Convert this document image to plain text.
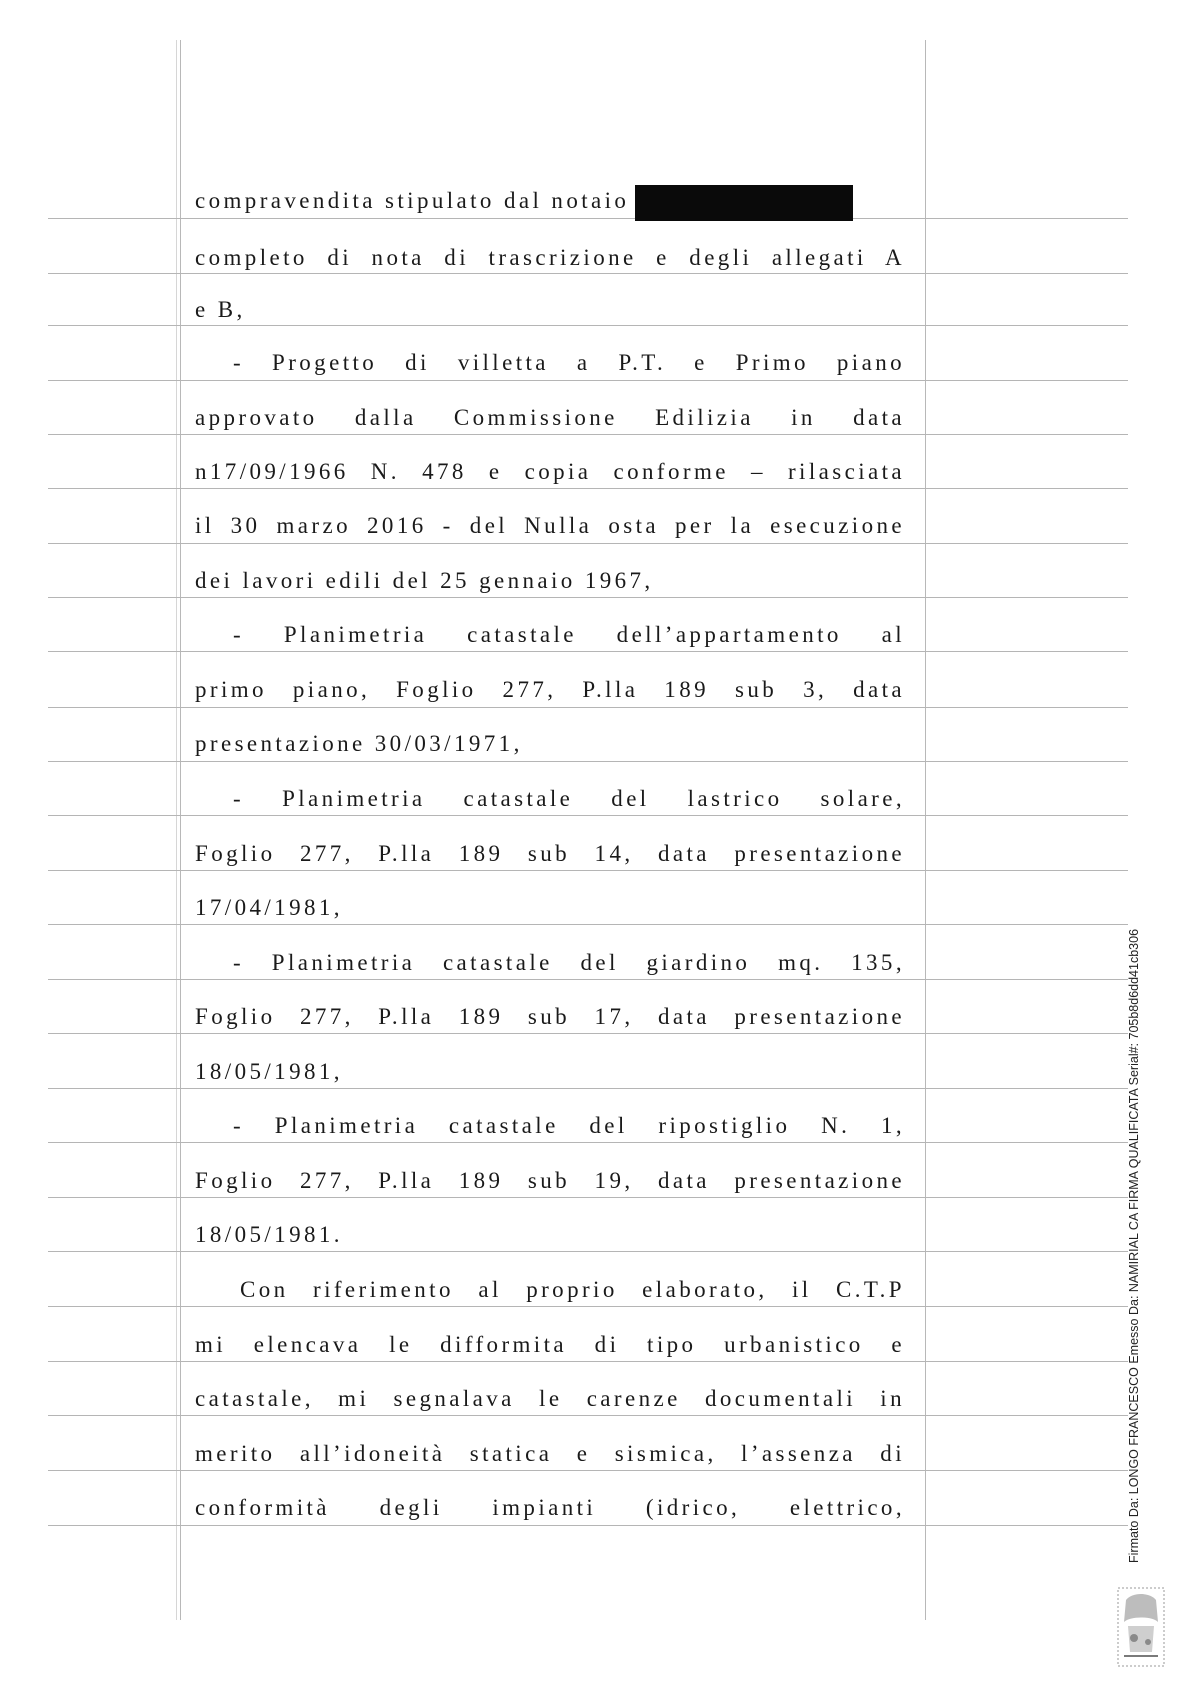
compravendita stipulato dal notaio
completo di nota di trascrizione e degli allegati A
e B,
- Progetto di villetta a P.T. e Primo piano
approvato dalla Commissione Edilizia in data
n17/09/1966 N. 478 e copia conforme – rilasciata
il 30 marzo 2016 - del Nulla osta per la esecuzione
dei lavori edili del 25 gennaio 1967,
- Planimetria catastale dell’appartamento al
primo piano, Foglio 277, P.lla 189 sub 3, data
presentazione 30/03/1971,
- Planimetria catastale del lastrico solare,
Foglio 277, P.lla 189 sub 14, data presentazione
17/04/1981,
- Planimetria catastale del giardino mq. 135,
Foglio 277, P.lla 189 sub 17, data presentazione
18/05/1981,
- Planimetria catastale del ripostiglio N. 1,
Foglio 277, P.lla 189 sub 19, data presentazione
18/05/1981.
Con riferimento al proprio elaborato, il C.T.P
mi elencava le difformita di tipo urbanistico e
catastale, mi segnalava le carenze documentali in
merito all’idoneità statica e sismica, l’assenza di
conformità degli impianti (idrico, elettrico,	Firmato Da: LONGO FRANCESCO Emesso Da: NAMIRIAL CA FIRMA QUALIFICATA Serial#: 705b8d6dd41cb306
